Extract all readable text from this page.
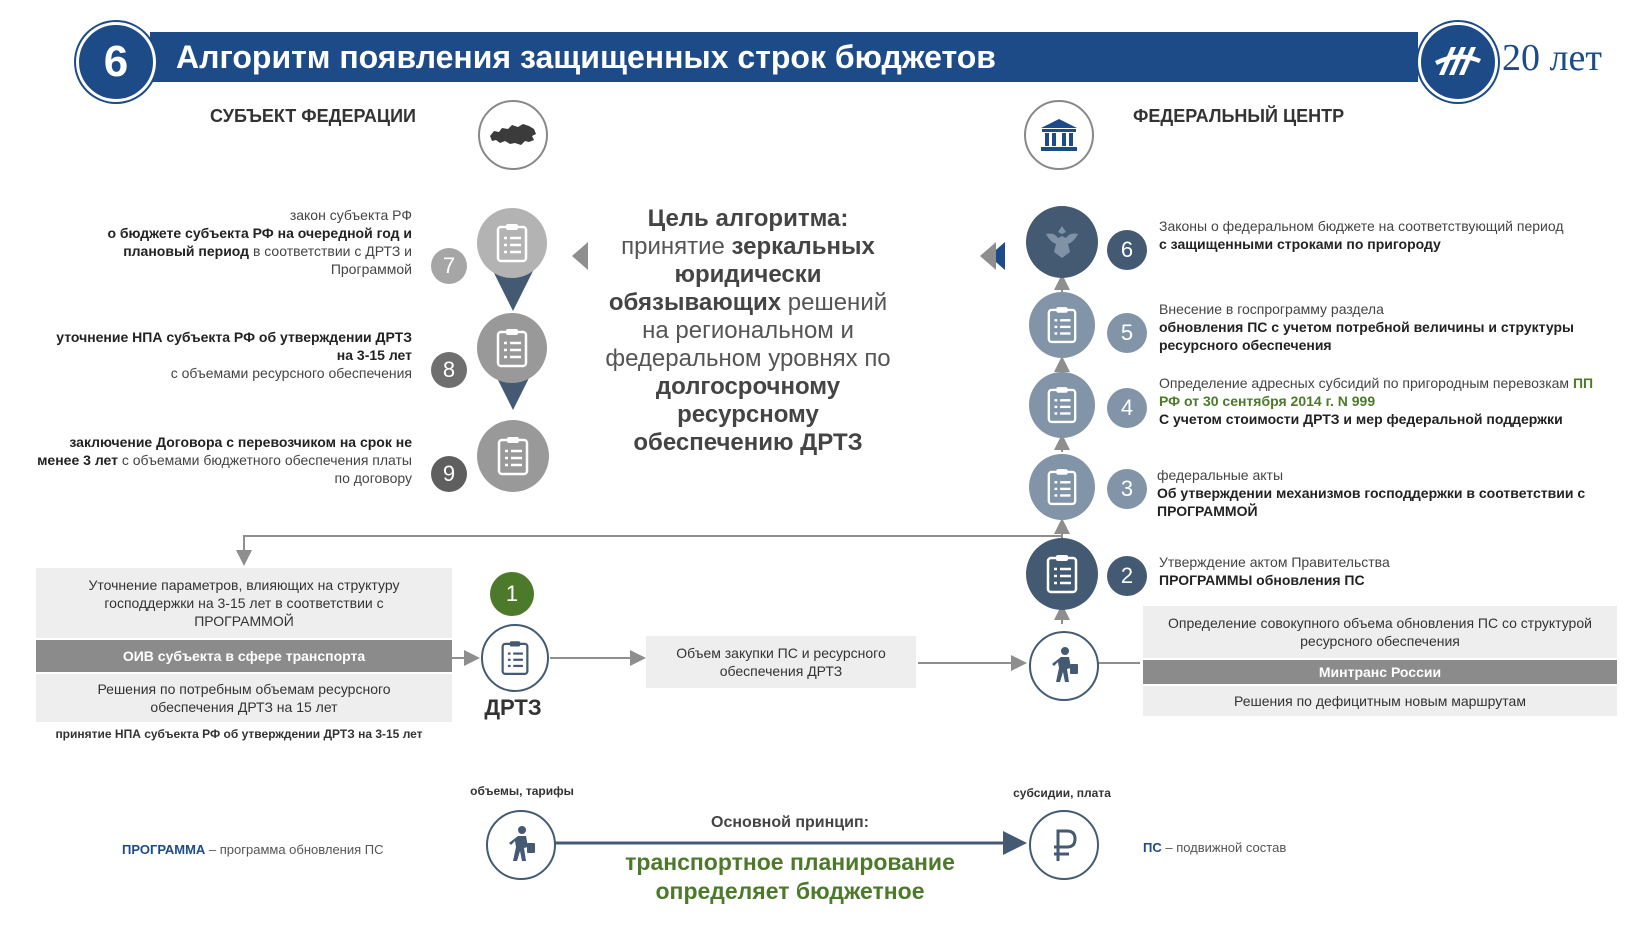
6	Алгоритм появления защищенных строк бюджетов	20 лет
СУБЪЕКТ ФЕДЕРАЦИИ	ФЕДЕРАЛЬНЫЙ ЦЕНТР
7
закон субъекта РФ
о бюджете субъекта РФ на очередной год и плановый период в соответствии с ДРТЗ и Программой
8
уточнение НПА субъекта РФ об утверждении ДРТЗ на 3-15 лет
с объемами ресурсного обеспечения
9
заключение Договора с перевозчиком на срок не менее 3 лет с объемами бюджетного обеспечения платы по договору
Цель алгоритма:
принятие зеркальных юридически обязывающих решений на региональном и федеральном уровнях по долгосрочному ресурсному обеспечению ДРТЗ
6
Законы о федеральном бюджете на соответствующий период
с защищенными строками по пригороду
5
Внесение в госпрограмму раздела
обновления ПС с учетом потребной величины и структуры ресурсного обеспечения
4
Определение адресных субсидий по пригородным перевозкам ПП РФ от 30 сентября 2014 г. N 999
С учетом стоимости ДРТЗ и мер федеральной поддержки
3
федеральные акты
Об утверждении механизмов господдержки в соответствии с ПРОГРАММОЙ
2
Утверждение актом Правительства
ПРОГРАММЫ обновления ПС
Уточнение параметров, влияющих на структуру господдержки на 3-15 лет в соответствии с ПРОГРАММОЙ
ОИВ субъекта в сфере транспорта
Решения по потребным объемам ресурсного обеспечения ДРТЗ на 15 лет
принятие НПА субъекта РФ об утверждении ДРТЗ на 3-15 лет
1
ДРТЗ
Объем закупки ПС и ресурсного обеспечения ДРТЗ
Определение совокупного объема обновления ПС со структурой ресурсного обеспечения
Минтранс России
Решения по дефицитным новым маршрутам
объемы, тарифы	субсидии, плата
Основной принцип:
транспортное планирование
определяет бюджетное
ПРОГРАММА – программа обновления ПС	ПС – подвижной состав
